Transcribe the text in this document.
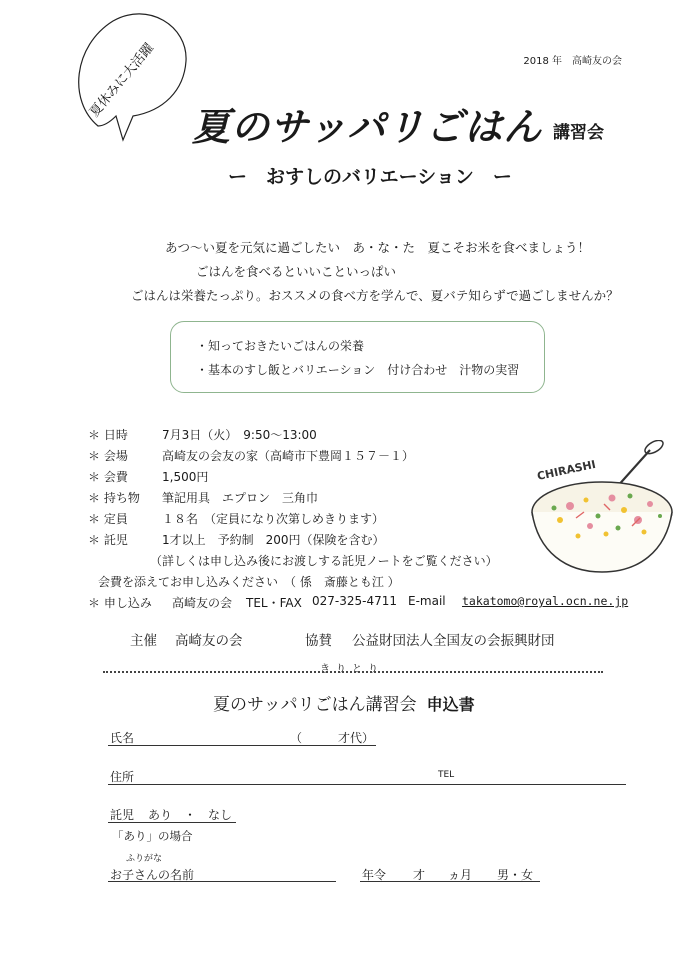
2018 年　高崎友の会
夏休みに大活躍
夏のサッパリごはん 講習会
ー　おすしのバリエーション　ー
あつ～い夏を元気に過ごしたい　あ・な・た　夏こそお米を食べましょう！
ごはんを食べるといいこといっぱい
ごはんは栄養たっぷり。おススメの食べ方を学んで、夏バテ知らずで過ごしませんか？
・知っておきたいごはんの栄養
・基本のすし飯とバリエーション　付け合わせ　汁物の実習
＊ 日時	7月3日（火）　9:50～13:00
＊ 会場	高崎友の会友の家（高崎市下豊岡１５７－１）
＊ 会費	1,500円
＊ 持ち物 筆記用具　エプロン　三角巾
＊ 定員	１８名　（定員になり次第しめきります）
＊ 託児	1才以上　予約制　200円（保険を含む）
（詳しくは申し込み後にお渡しする託児ノートをご覧ください）
会費を添えてお申し込みください　（ 係　斎藤とも江 ）
＊ 申し込み 高崎友の会 TEL・FAX 027-325-4711 E-mail takatomo@royal.ocn.ne.jp
CHIRASHI
主催 高崎友の会	協賛 公益財団法人全国友の会振興財団
きりとり
夏のサッパリごはん講習会 申込書
氏名	（　　　才代）
住所	TEL
託児 あり　・　なし
「あり」の場合
ふりがな
お子さんの名前	年令 才 ヵ月 男・女
